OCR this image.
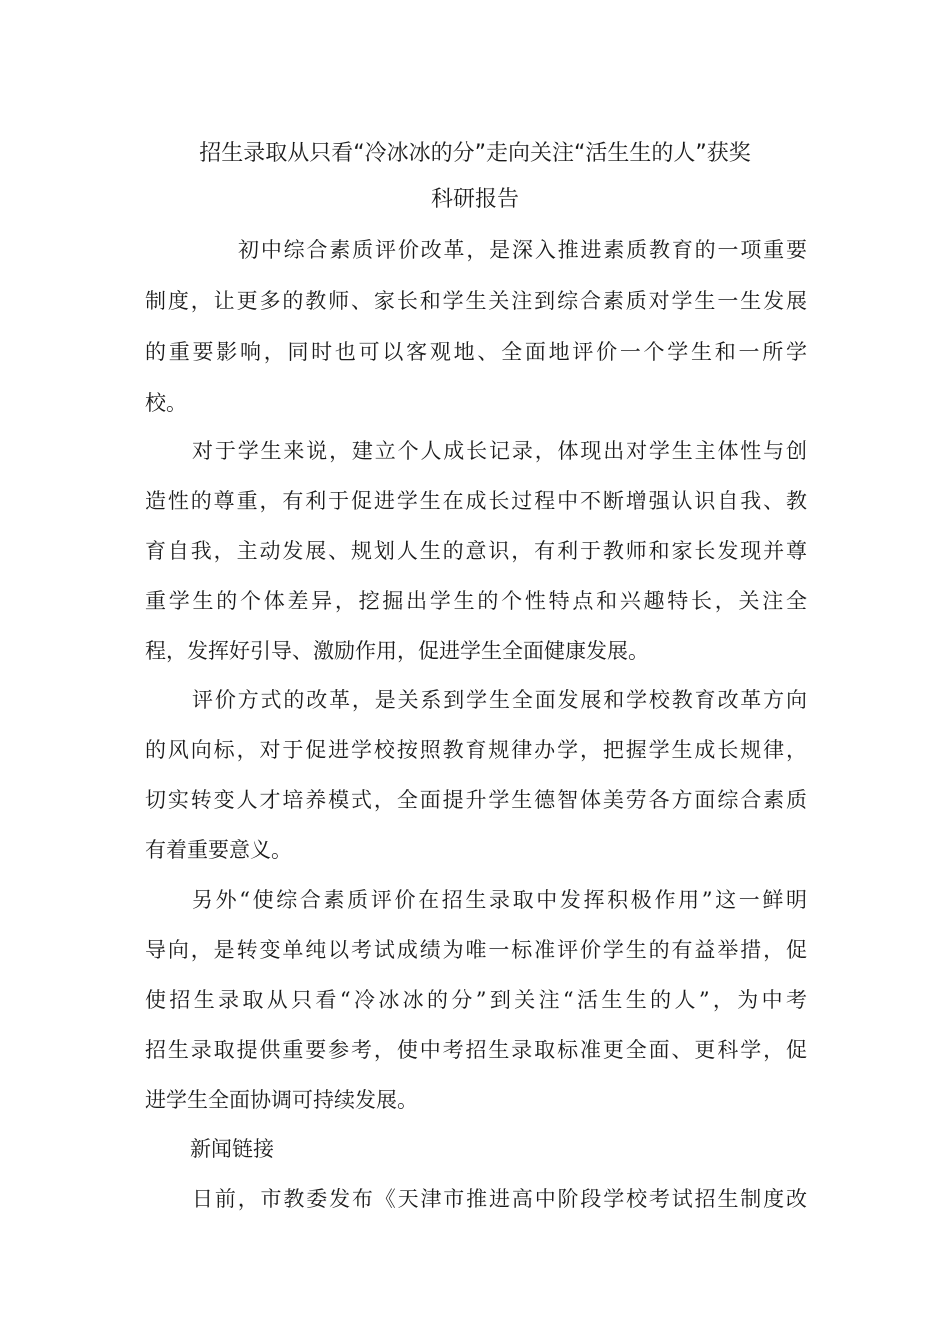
招生录取从只看“冷冰冰的分”走向关注“活生生的人”获奖
科研报告
初中综合素质评价改革，是深入推进素质教育的一项重要
制度，让更多的教师、家长和学生关注到综合素质对学生一生发展
的重要影响，同时也可以客观地、全面地评价一个学生和一所学
校。
对于学生来说，建立个人成长记录，体现出对学生主体性与创
造性的尊重，有利于促进学生在成长过程中不断增强认识自我、教
育自我，主动发展、规划人生的意识，有利于教师和家长发现并尊
重学生的个体差异，挖掘出学生的个性特点和兴趣特长，关注全
程，发挥好引导、激励作用，促进学生全面健康发展。
评价方式的改革，是关系到学生全面发展和学校教育改革方向
的风向标，对于促进学校按照教育规律办学，把握学生成长规律，
切实转变人才培养模式，全面提升学生德智体美劳各方面综合素质
有着重要意义。
另外“使综合素质评价在招生录取中发挥积极作用”这一鲜明
导向，是转变单纯以考试成绩为唯一标准评价学生的有益举措，促
使招生录取从只看“冷冰冰的分”到关注“活生生的人”，为中考
招生录取提供重要参考，使中考招生录取标准更全面、更科学，促
进学生全面协调可持续发展。
新闻链接
日前，市教委发布《天津市推进高中阶段学校考试招生制度改
